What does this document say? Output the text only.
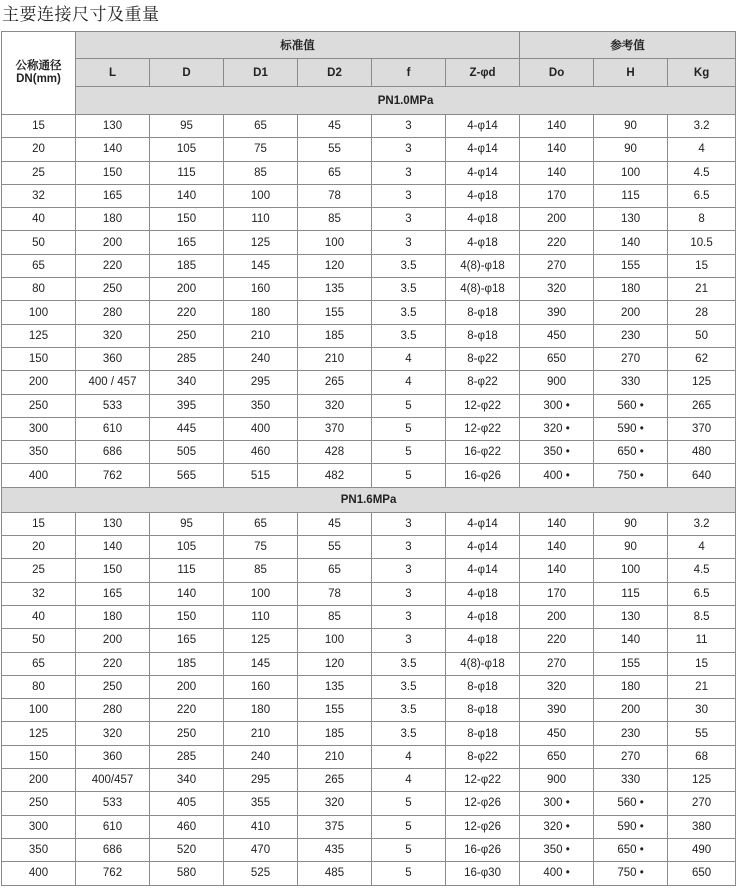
主要连接尺寸及重量
公称通径
DN(mm)	标准值						参考值		
	L	D	D1	D2	f	Z-φd	Do	H	Kg
	PN1.0MPa								
15	130	95	65	45	3	4-φ14	140	90	3.2
20	140	105	75	55	3	4-φ14	140	90	4
25	150	115	85	65	3	4-φ14	140	100	4.5
32	165	140	100	78	3	4-φ18	170	115	6.5
40	180	150	110	85	3	4-φ18	200	130	8
50	200	165	125	100	3	4-φ18	220	140	10.5
65	220	185	145	120	3.5	4(8)-φ18	270	155	15
80	250	200	160	135	3.5	4(8)-φ18	320	180	21
100	280	220	180	155	3.5	8-φ18	390	200	28
125	320	250	210	185	3.5	8-φ18	450	230	50
150	360	285	240	210	4	8-φ22	650	270	62
200	400 / 457	340	295	265	4	8-φ22	900	330	125
250	533	395	350	320	5	12-φ22	300 •	560 •	265
300	610	445	400	370	5	12-φ22	320 •	590 •	370
350	686	505	460	428	5	16-φ22	350 •	650 •	480
400	762	565	515	482	5	16-φ26	400 •	750 •	640
PN1.6MPa									
15	130	95	65	45	3	4-φ14	140	90	3.2
20	140	105	75	55	3	4-φ14	140	90	4
25	150	115	85	65	3	4-φ14	140	100	4.5
32	165	140	100	78	3	4-φ18	170	115	6.5
40	180	150	110	85	3	4-φ18	200	130	8.5
50	200	165	125	100	3	4-φ18	220	140	11
65	220	185	145	120	3.5	4(8)-φ18	270	155	15
80	250	200	160	135	3.5	8-φ18	320	180	21
100	280	220	180	155	3.5	8-φ18	390	200	30
125	320	250	210	185	3.5	8-φ18	450	230	55
150	360	285	240	210	4	8-φ22	650	270	68
200	400/457	340	295	265	4	12-φ22	900	330	125
250	533	405	355	320	5	12-φ26	300 •	560 •	270
300	610	460	410	375	5	12-φ26	320 •	590 •	380
350	686	520	470	435	5	16-φ26	350 •	650 •	490
400	762	580	525	485	5	16-φ30	400 •	750 •	650
